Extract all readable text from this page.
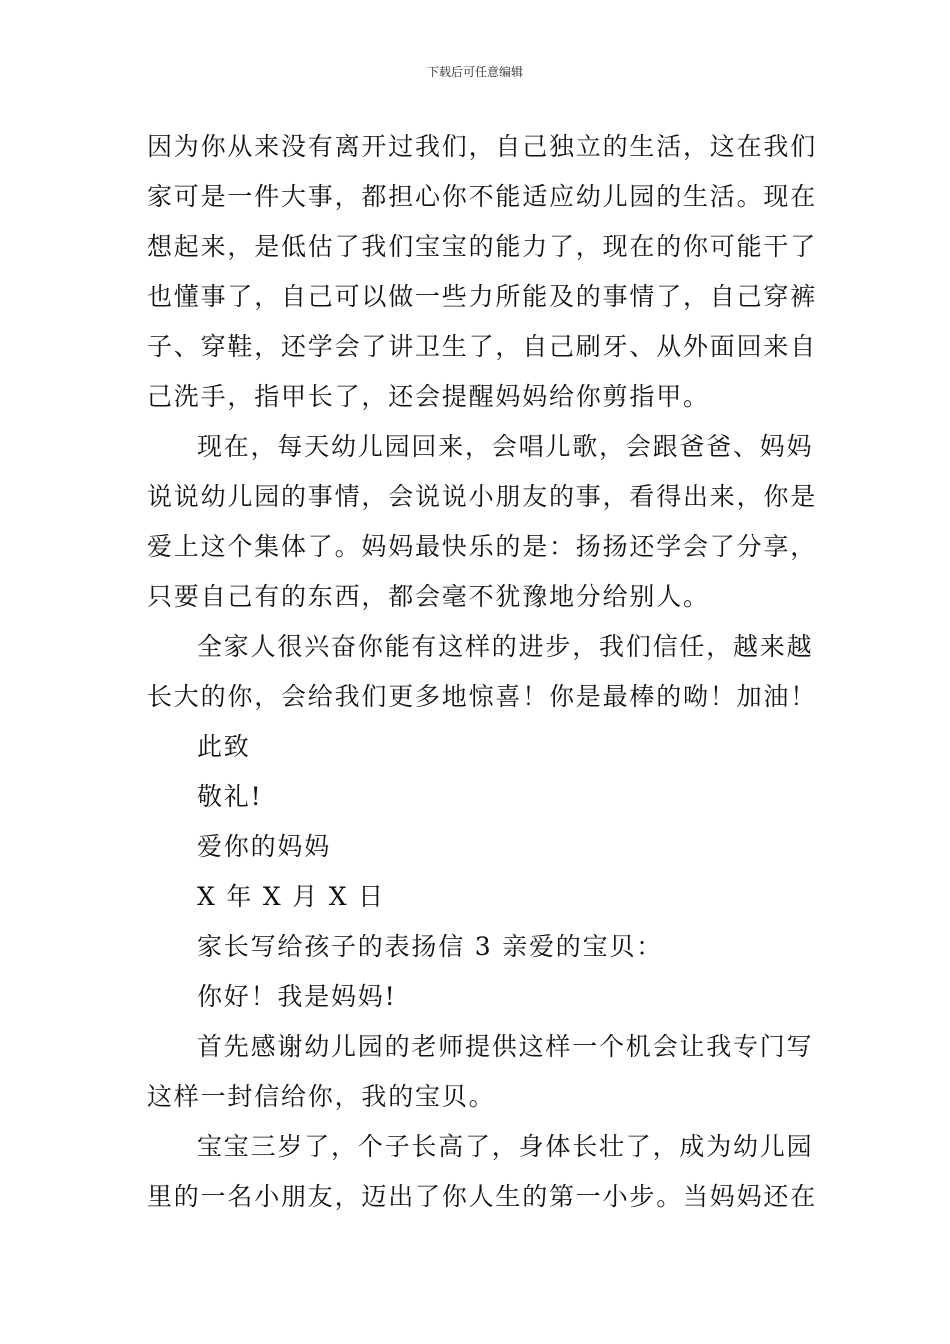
下载后可任意编辑
因为你从来没有离开过我们，自己独立的生活，这在我们
家可是一件大事，都担心你不能适应幼儿园的生活。现在
想起来，是低估了我们宝宝的能力了，现在的你可能干了
也懂事了，自己可以做一些力所能及的事情了，自己穿裤
子、穿鞋，还学会了讲卫生了，自己刷牙、从外面回来自
己洗手，指甲长了，还会提醒妈妈给你剪指甲。
现在，每天幼儿园回来，会唱儿歌，会跟爸爸、妈妈
说说幼儿园的事情，会说说小朋友的事，看得出来，你是
爱上这个集体了。妈妈最快乐的是：扬扬还学会了分享，
只要自己有的东西，都会毫不犹豫地分给别人。
全家人很兴奋你能有这样的进步，我们信任，越来越
长大的你，会给我们更多地惊喜！你是最棒的呦！加油！
此致
敬礼!
爱你的妈妈
X 年 X 月 X 日
家长写给孩子的表扬信 3 亲爱的宝贝：
你好！我是妈妈!
首先感谢幼儿园的老师提供这样一个机会让我专门写
这样一封信给你，我的宝贝。
宝宝三岁了，个子长高了，身体长壮了，成为幼儿园
里的一名小朋友，迈出了你人生的第一小步。当妈妈还在
